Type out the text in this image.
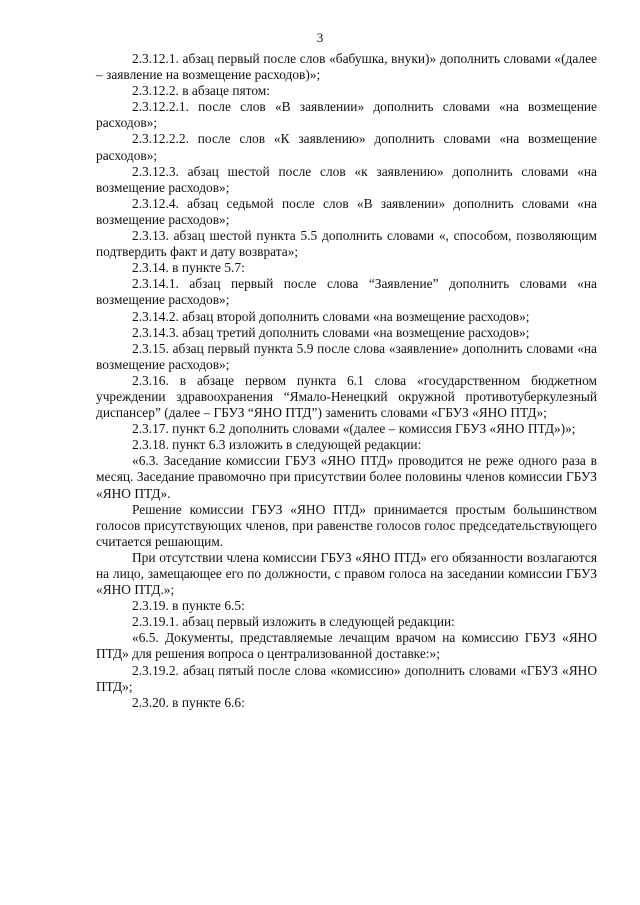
3

2.3.12.1. абзац первый после слов «бабушка, внуки)» дополнить словами «(далее – заявление на возмещение расходов)»;

2.3.12.2. в абзаце пятом:

2.3.12.2.1. после слов «В заявлении» дополнить словами «на возмещение расходов»;

2.3.12.2.2. после слов «К заявлению» дополнить словами «на возмещение расходов»;

2.3.12.3. абзац шестой после слов «к заявлению» дополнить словами «на возмещение расходов»;

2.3.12.4. абзац седьмой после слов «В заявлении» дополнить словами «на возмещение расходов»;

2.3.13. абзац шестой пункта 5.5 дополнить словами «, способом, позволяющим подтвердить факт и дату возврата»;

2.3.14. в пункте 5.7:

2.3.14.1. абзац первый после слова “Заявление” дополнить словами «на возмещение расходов»;

2.3.14.2. абзац второй дополнить словами «на возмещение расходов»;

2.3.14.3. абзац третий дополнить словами «на возмещение расходов»;

2.3.15. абзац первый пункта 5.9 после слова «заявление» дополнить словами «на возмещение расходов»;

2.3.16. в абзаце первом пункта 6.1 слова «государственном бюджетном учреждении здравоохранения “Ямало-Ненецкий окружной противотуберкулезный диспансер” (далее – ГБУЗ “ЯНО ПТД”) заменить словами «ГБУЗ «ЯНО ПТД»;

2.3.17. пункт 6.2 дополнить словами «(далее – комиссия ГБУЗ «ЯНО ПТД»)»;

2.3.18. пункт 6.3 изложить в следующей редакции:

«6.3. Заседание комиссии ГБУЗ «ЯНО ПТД» проводится не реже одного раза в месяц. Заседание правомочно при присутствии более половины членов комиссии ГБУЗ «ЯНО ПТД».

Решение комиссии ГБУЗ «ЯНО ПТД» принимается простым большинством голосов присутствующих членов, при равенстве голосов голос председательствующего считается решающим.

При отсутствии члена комиссии ГБУЗ «ЯНО ПТД» его обязанности возлагаются на лицо, замещающее его по должности, с правом голоса на заседании комиссии ГБУЗ «ЯНО ПТД.»;

2.3.19. в пункте 6.5:

2.3.19.1. абзац первый изложить в следующей редакции:

«6.5. Документы, представляемые лечащим врачом на комиссию ГБУЗ «ЯНО ПТД» для решения вопроса о централизованной доставке:»;

2.3.19.2. абзац пятый после слова «комиссию» дополнить словами «ГБУЗ «ЯНО ПТД»;

2.3.20. в пункте 6.6:
